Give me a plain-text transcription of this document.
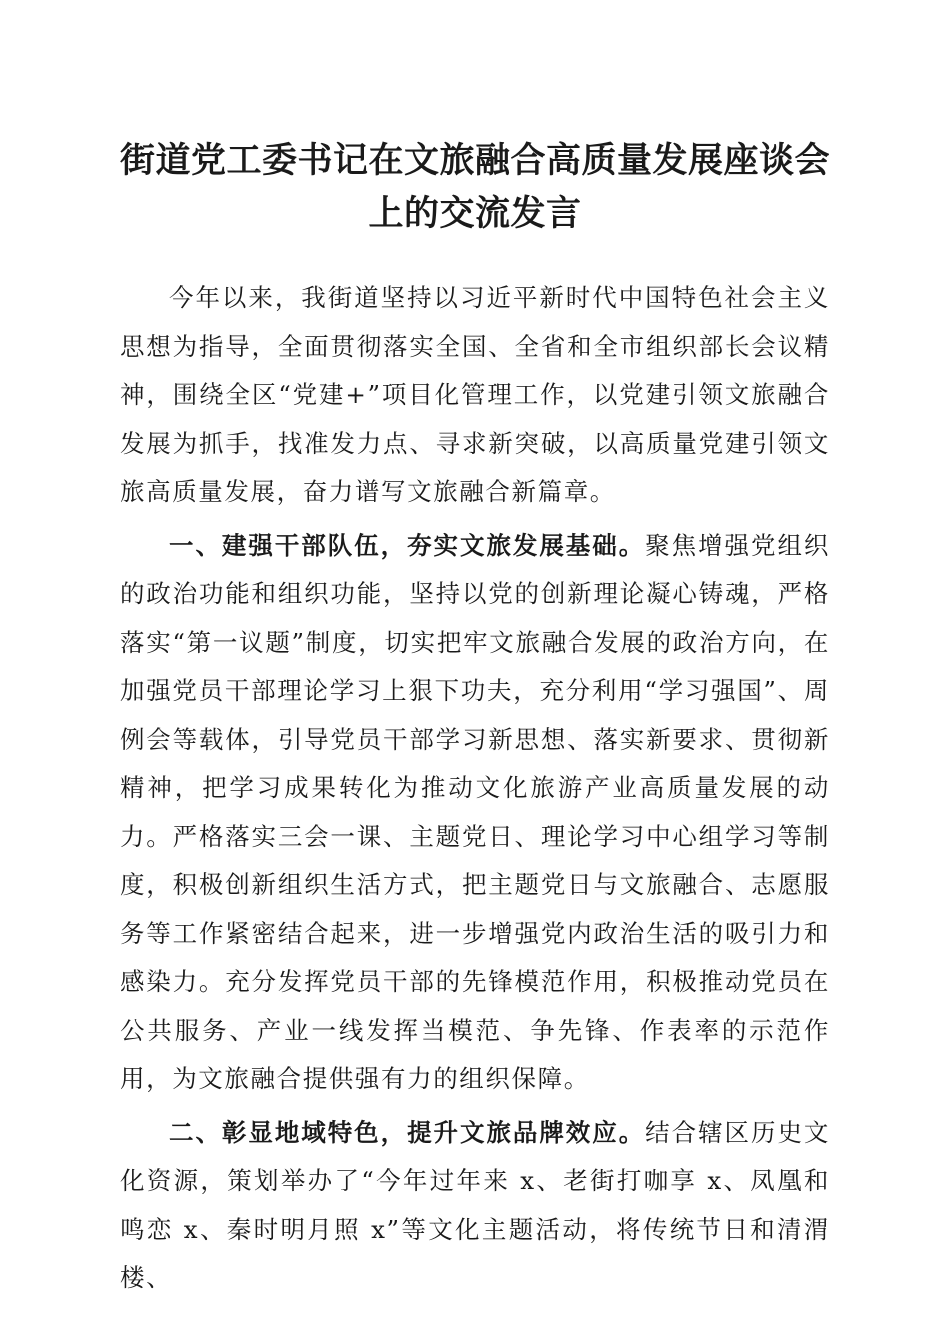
街道党工委书记在文旅融合高质量发展座谈会
上的交流发言

今年以来，我街道坚持以习近平新时代中国特色社会主义思想为指导，全面贯彻落实全国、全省和全市组织部长会议精神，围绕全区“党建+”项目化管理工作，以党建引领文旅融合发展为抓手，找准发力点、寻求新突破，以高质量党建引领文旅高质量发展，奋力谱写文旅融合新篇章。

一、建强干部队伍，夯实文旅发展基础。聚焦增强党组织的政治功能和组织功能，坚持以党的创新理论凝心铸魂，严格落实“第一议题”制度，切实把牢文旅融合发展的政治方向，在加强党员干部理论学习上狠下功夫，充分利用“学习强国”、周例会等载体，引导党员干部学习新思想、落实新要求、贯彻新精神，把学习成果转化为推动文化旅游产业高质量发展的动力。严格落实三会一课、主题党日、理论学习中心组学习等制度，积极创新组织生活方式，把主题党日与文旅融合、志愿服务等工作紧密结合起来，进一步增强党内政治生活的吸引力和感染力。充分发挥党员干部的先锋模范作用，积极推动党员在公共服务、产业一线发挥当模范、争先锋、作表率的示范作用，为文旅融合提供强有力的组织保障。

二、彰显地域特色，提升文旅品牌效应。结合辖区历史文化资源，策划举办了“今年过年来 x、老街打咖享 x、凤凰和鸣恋 x、秦时明月照 x”等文化主题活动，将传统节日和清渭楼、
